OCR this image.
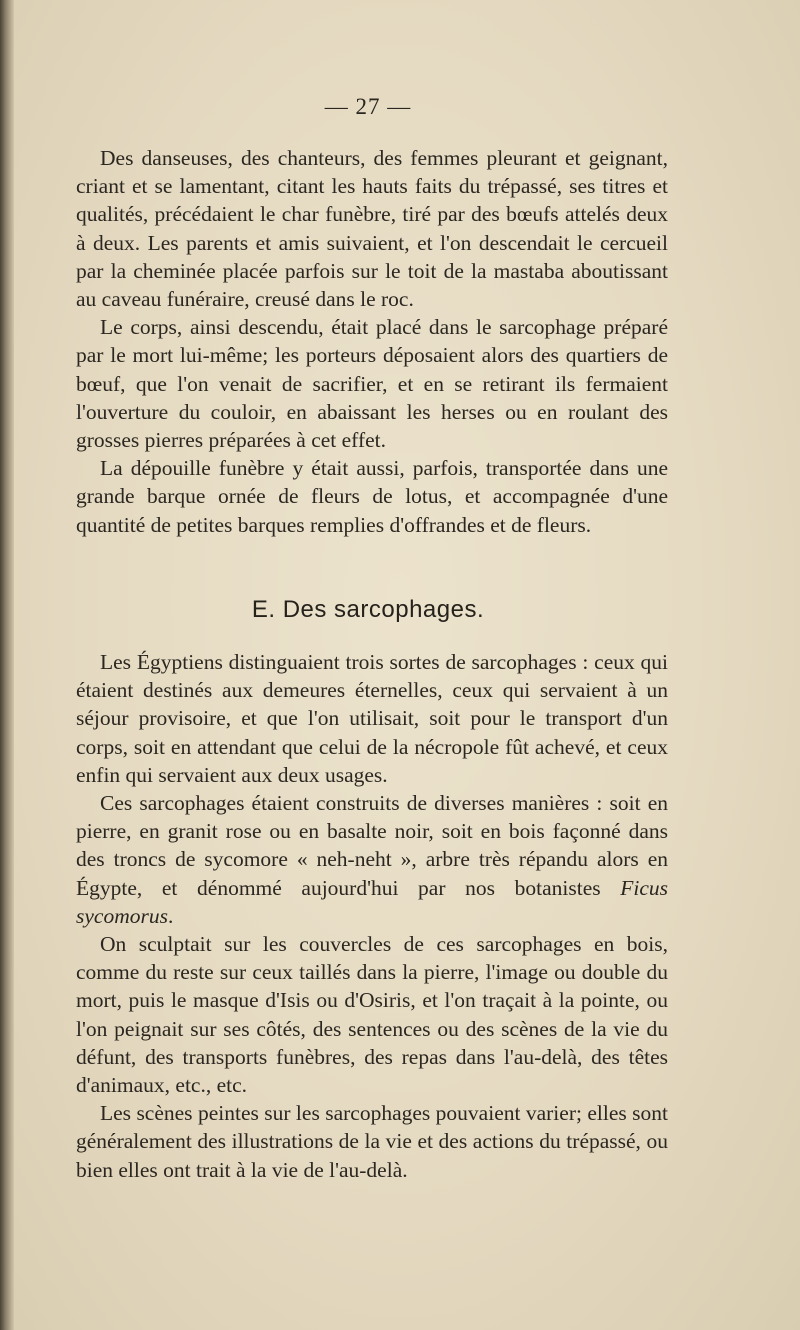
— 27 —

Des danseuses, des chanteurs, des femmes pleurant et geignant, criant et se lamentant, citant les hauts faits du trépassé, ses titres et qualités, précédaient le char funèbre, tiré par des bœufs attelés deux à deux. Les parents et amis suivaient, et l'on descendait le cercueil par la cheminée placée parfois sur le toit de la mastaba aboutissant au caveau funéraire, creusé dans le roc.

Le corps, ainsi descendu, était placé dans le sarcophage préparé par le mort lui-même; les porteurs déposaient alors des quartiers de bœuf, que l'on venait de sacrifier, et en se retirant ils fermaient l'ouverture du couloir, en abaissant les herses ou en roulant des grosses pierres préparées à cet effet.

La dépouille funèbre y était aussi, parfois, transportée dans une grande barque ornée de fleurs de lotus, et accompagnée d'une quantité de petites barques remplies d'offrandes et de fleurs.

E. Des sarcophages.

Les Égyptiens distinguaient trois sortes de sarcophages : ceux qui étaient destinés aux demeures éternelles, ceux qui servaient à un séjour provisoire, et que l'on utilisait, soit pour le transport d'un corps, soit en attendant que celui de la nécropole fût achevé, et ceux enfin qui servaient aux deux usages.

Ces sarcophages étaient construits de diverses manières : soit en pierre, en granit rose ou en basalte noir, soit en bois façonné dans des troncs de sycomore « neh-neht », arbre très répandu alors en Égypte, et dénommé aujourd'hui par nos botanistes Ficus sycomorus.

On sculptait sur les couvercles de ces sarcophages en bois, comme du reste sur ceux taillés dans la pierre, l'image ou double du mort, puis le masque d'Isis ou d'Osiris, et l'on traçait à la pointe, ou l'on peignait sur ses côtés, des sentences ou des scènes de la vie du défunt, des transports funèbres, des repas dans l'au-delà, des têtes d'animaux, etc., etc.

Les scènes peintes sur les sarcophages pouvaient varier; elles sont généralement des illustrations de la vie et des actions du trépassé, ou bien elles ont trait à la vie de l'au-delà.
